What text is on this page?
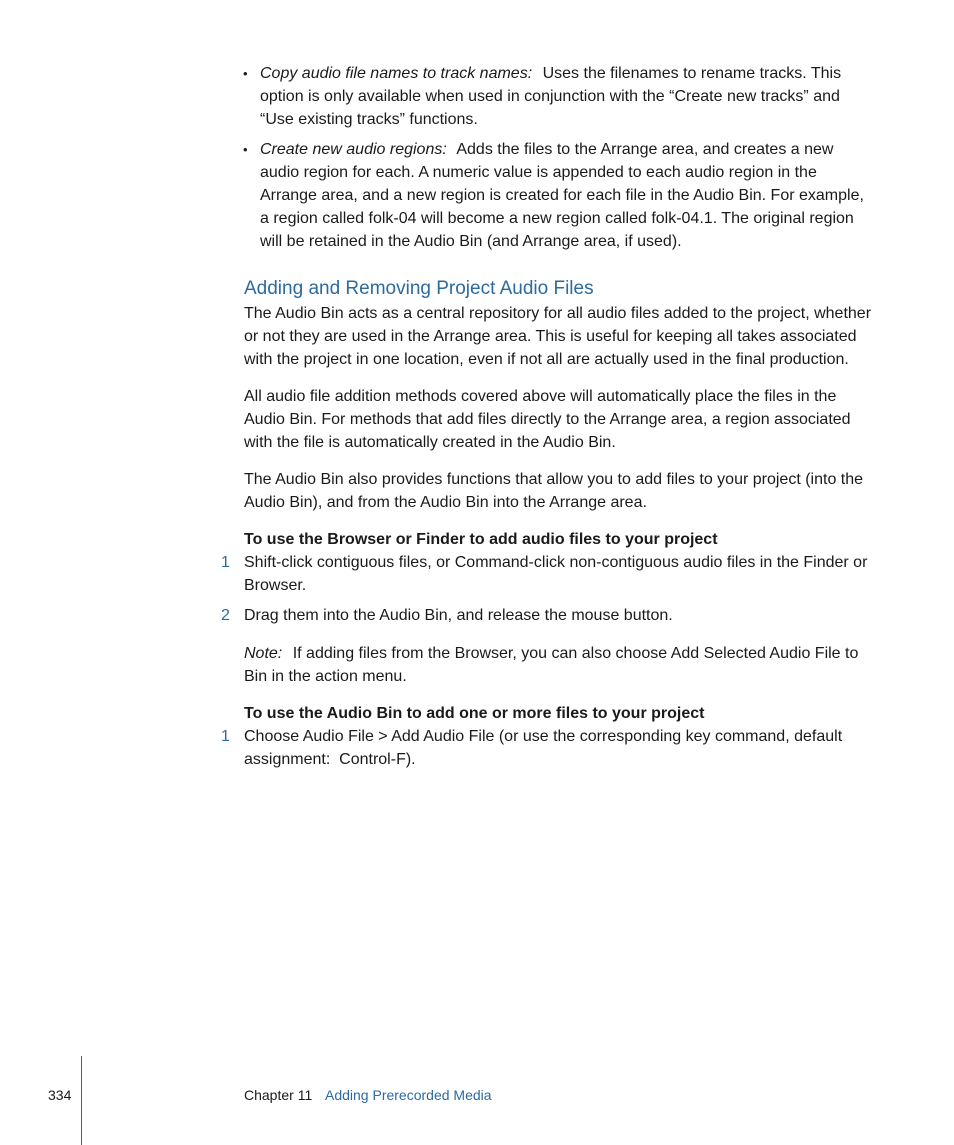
• Copy audio file names to track names: Uses the filenames to rename tracks. This option is only available when used in conjunction with the “Create new tracks” and “Use existing tracks” functions.
• Create new audio regions: Adds the files to the Arrange area, and creates a new audio region for each. A numeric value is appended to each audio region in the Arrange area, and a new region is created for each file in the Audio Bin. For example, a region called folk-04 will become a new region called folk-04.1. The original region will be retained in the Audio Bin (and Arrange area, if used).
Adding and Removing Project Audio Files
The Audio Bin acts as a central repository for all audio files added to the project, whether or not they are used in the Arrange area. This is useful for keeping all takes associated with the project in one location, even if not all are actually used in the final production.
All audio file addition methods covered above will automatically place the files in the Audio Bin. For methods that add files directly to the Arrange area, a region associated with the file is automatically created in the Audio Bin.
The Audio Bin also provides functions that allow you to add files to your project (into the Audio Bin), and from the Audio Bin into the Arrange area.
To use the Browser or Finder to add audio files to your project
1 Shift-click contiguous files, or Command-click non-contiguous audio files in the Finder or Browser.
2 Drag them into the Audio Bin, and release the mouse button.
Note: If adding files from the Browser, you can also choose Add Selected Audio File to Bin in the action menu.
To use the Audio Bin to add one or more files to your project
1 Choose Audio File > Add Audio File (or use the corresponding key command, default assignment:  Control-F).
334	Chapter 11 Adding Prerecorded Media
